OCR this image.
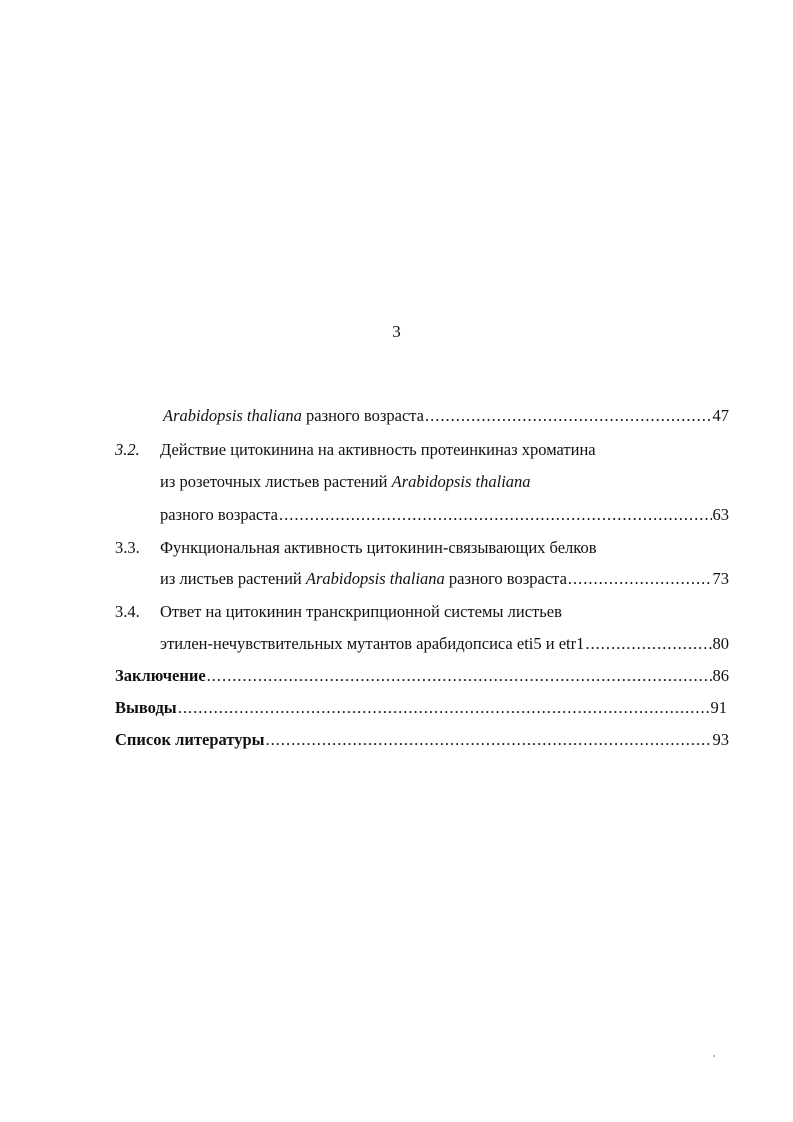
3
Arabidopsis thaliana разного возраста .....	47
3.2. Действие цитокинина на активность протеинкиназ хроматина
из розеточных листьев растений Arabidopsis thaliana
разного возраста .....	63
3.3. Функциональная активность цитокинин-связывающих белков
из листьев растений Arabidopsis thaliana разного возраста .....	73
3.4. Ответ на цитокинин транскрипционной системы листьев
этилен-нечувствительных мутантов арабидопсиса eti5 и etr1 .....	80
Заключение .....	86
Выводы .....	91
Список литературы .....	93
